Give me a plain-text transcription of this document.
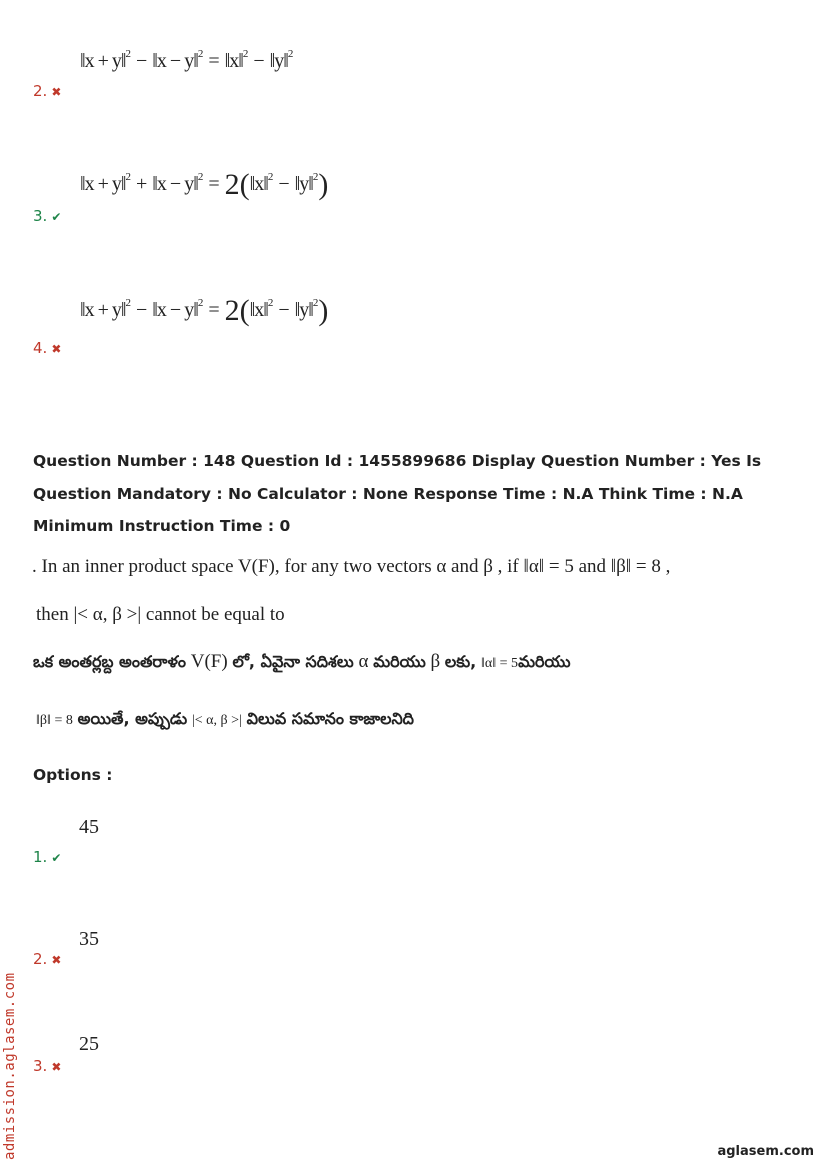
‖x + y‖$^2$ − ‖x − y‖$^2$ = ‖x‖$^2$ − ‖y‖$^2$
2. ✖
‖x + y‖$^2$ + ‖x − y‖$^2$ = 2(‖x‖$^2$ − ‖y‖$^2$)
3. ✔
‖x + y‖$^2$ − ‖x − y‖$^2$ = 2(‖x‖$^2$ − ‖y‖$^2$)
4. ✖
Question Number : 148 Question Id : 1455899686 Display Question Number : Yes Is Question Mandatory : No Calculator : None Response Time : N.A Think Time : N.A Minimum Instruction Time : 0
. In an inner product space V(F), for any two vectors α and β , if ‖α‖ = 5 and ‖β‖ = 8 ,
then |< α, β >| cannot be equal to
ఒక అంతర్లబ్ద అంతరాళం V(F) లో, ఏవైనా సదిశలు α మరియు β లకు, ‖α‖ = 5మరియు
‖β‖ = 8 అయితే, అప్పుడు |< α, β >| విలువ సమానం కాజాలనిది
Options :
45
1. ✔
35
2. ✖
25
3. ✖
admission.aglasem.com	aglasem.com
